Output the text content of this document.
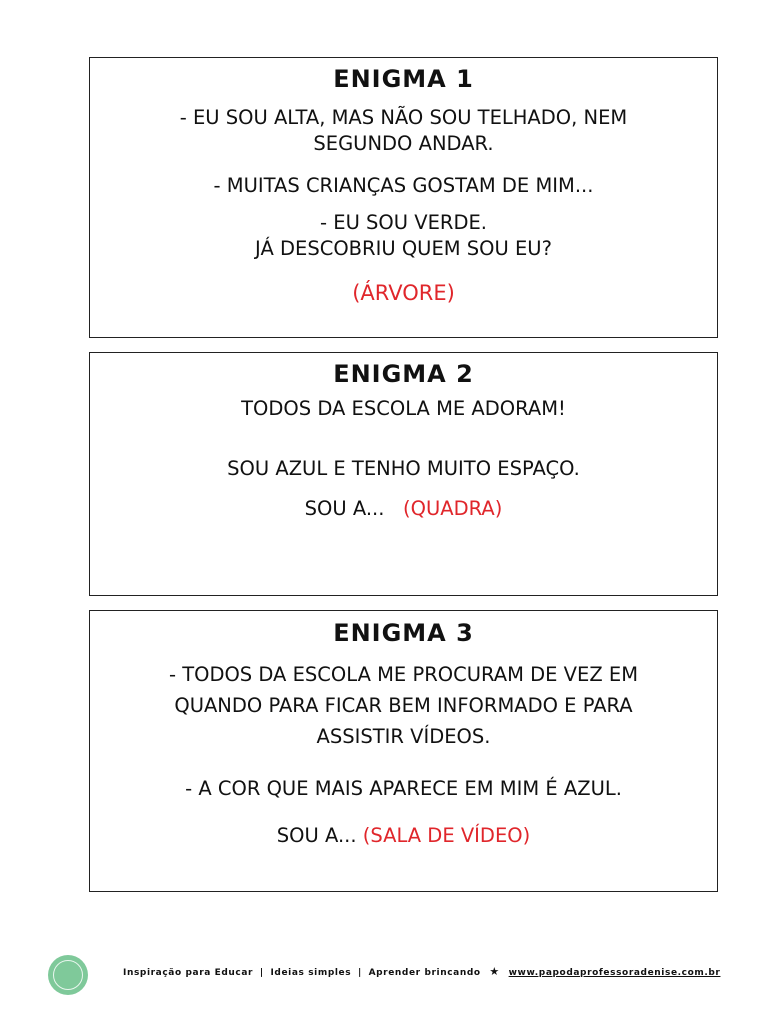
ENIGMA 1

- EU SOU ALTA, MAS NÃO SOU TELHADO, NEM

SEGUNDO ANDAR.

- MUITAS CRIANÇAS GOSTAM DE MIM...

- EU SOU VERDE.

JÁ DESCOBRIU QUEM SOU EU?

(ÁRVORE)

ENIGMA 2

TODOS DA ESCOLA ME ADORAM!

SOU AZUL E TENHO MUITO ESPAÇO.

SOU A... (QUADRA)

ENIGMA 3

- TODOS DA ESCOLA ME PROCURAM DE VEZ EM

QUANDO PARA FICAR BEM INFORMADO E PARA

ASSISTIR VÍDEOS.

- A COR QUE MAIS APARECE EM MIM É AZUL.

SOU A... (SALA DE VÍDEO)

Inspiração para Educar | Ideias simples | Aprender brincando ★ www.papodaprofessoradenise.com.br
